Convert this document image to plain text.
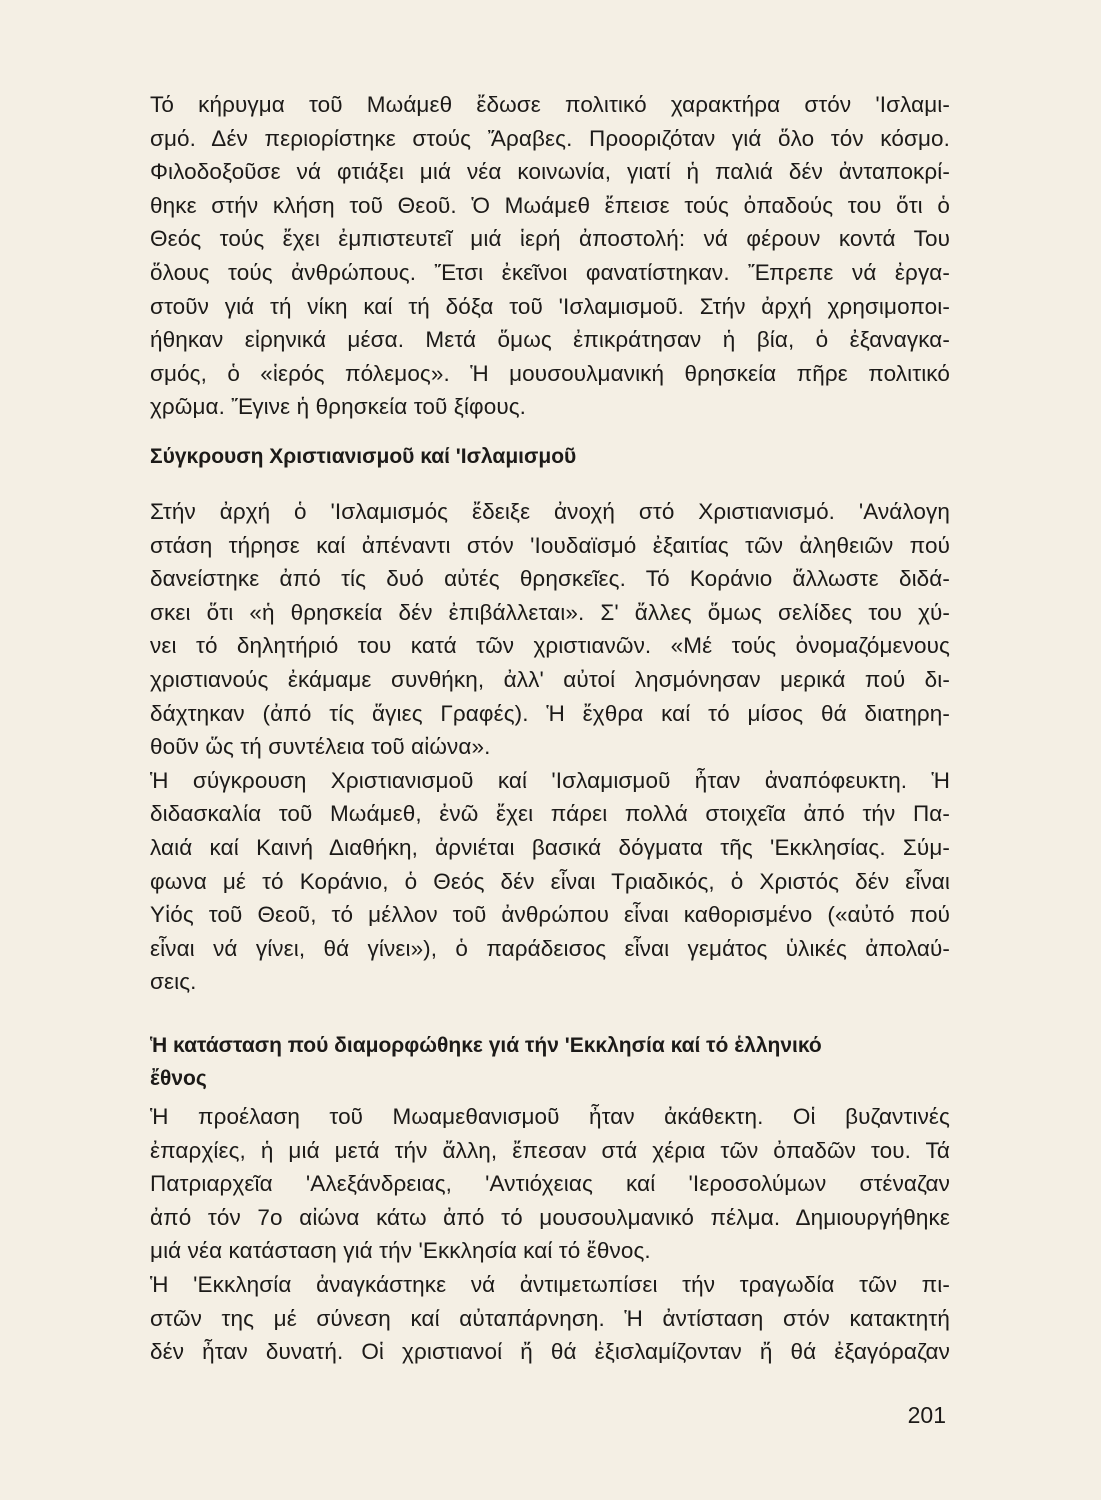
Τό κήρυγμα τοῦ Μωάμεθ ἔδωσε πολιτικό χαρακτήρα στόν 'Ισλαμι-
σμό. Δέν περιορίστηκε στούς Ἄραβες. Προοριζόταν γιά ὅλο τόν κόσμο.
Φιλοδοξοῦσε νά φτιάξει μιά νέα κοινωνία, γιατί ἡ παλιά δέν ἀνταποκρί-
θηκε στήν κλήση τοῦ Θεοῦ. Ὁ Μωάμεθ ἔπεισε τούς ὀπαδούς του ὅτι ὁ
Θεός τούς ἔχει ἐμπιστευτεῖ μιά ἱερή ἀποστολή: νά φέρουν κοντά Του
ὅλους τούς ἀνθρώπους. Ἔτσι ἐκεῖνοι φανατίστηκαν. Ἔπρεπε νά ἐργα-
στοῦν γιά τή νίκη καί τή δόξα τοῦ 'Ισλαμισμοῦ. Στήν ἀρχή χρησιμοποι-
ήθηκαν εἰρηνικά μέσα. Μετά ὅμως ἐπικράτησαν ἡ βία, ὁ ἐξαναγκα-
σμός, ὁ «ἱερός πόλεμος». Ἡ μουσουλμανική θρησκεία πῆρε πολιτικό
χρῶμα. Ἔγινε ἡ θρησκεία τοῦ ξίφους.
Σύγκρουση Χριστιανισμοῦ καί 'Ισλαμισμοῦ
Στήν ἀρχή ὁ 'Ισλαμισμός ἔδειξε ἀνοχή στό Χριστιανισμό. 'Ανάλογη
στάση τήρησε καί ἀπέναντι στόν 'Ιουδαϊσμό ἐξαιτίας τῶν ἀληθειῶν πού
δανείστηκε ἀπό τίς δυό αὐτές θρησκεῖες. Τό Κοράνιο ἄλλωστε διδά-
σκει ὅτι «ἡ θρησκεία δέν ἐπιβάλλεται». Σ' ἄλλες ὅμως σελίδες του χύ-
νει τό δηλητήριό του κατά τῶν χριστιανῶν. «Μέ τούς ὀνομαζόμενους
χριστιανούς ἐκάμαμε συνθήκη, ἀλλ' αὐτοί λησμόνησαν μερικά πού δι-
δάχτηκαν (ἀπό τίς ἅγιες Γραφές). Ἡ ἔχθρα καί τό μίσος θά διατηρη-
θοῦν ὥς τή συντέλεια τοῦ αἰώνα».
Ἡ σύγκρουση Χριστιανισμοῦ καί 'Ισλαμισμοῦ ἦταν ἀναπόφευκτη. Ἡ
διδασκαλία τοῦ Μωάμεθ, ἐνῶ ἔχει πάρει πολλά στοιχεῖα ἀπό τήν Πα-
λαιά καί Καινή Διαθήκη, ἀρνιέται βασικά δόγματα τῆς 'Εκκλησίας. Σύμ-
φωνα μέ τό Κοράνιο, ὁ Θεός δέν εἶναι Τριαδικός, ὁ Χριστός δέν εἶναι
Υἱός τοῦ Θεοῦ, τό μέλλον τοῦ ἀνθρώπου εἶναι καθορισμένο («αὐτό πού
εἶναι νά γίνει, θά γίνει»), ὁ παράδεισος εἶναι γεμάτος ὑλικές ἀπολαύ-
σεις.
Ἡ κατάσταση πού διαμορφώθηκε γιά τήν 'Εκκλησία καί τό ἑλληνικό
ἔθνος
Ἡ προέλαση τοῦ Μωαμεθανισμοῦ ἦταν ἀκάθεκτη. Οἱ βυζαντινές
ἐπαρχίες, ἡ μιά μετά τήν ἄλλη, ἔπεσαν στά χέρια τῶν ὀπαδῶν του. Τά
Πατριαρχεῖα 'Αλεξάνδρειας, 'Αντιόχειας καί 'Ιεροσολύμων στέναζαν
ἀπό τόν 7ο αἰώνα κάτω ἀπό τό μουσουλμανικό πέλμα. Δημιουργήθηκε
μιά νέα κατάσταση γιά τήν 'Εκκλησία καί τό ἔθνος.
Ἡ 'Εκκλησία ἀναγκάστηκε νά ἀντιμετωπίσει τήν τραγωδία τῶν πι-
στῶν της μέ σύνεση καί αὐταπάρνηση. Ἡ ἀντίσταση στόν κατακτητή
δέν ἦταν δυνατή. Οἱ χριστιανοί ἤ θά ἐξισλαμίζονταν ἤ θά ἐξαγόραζαν
201
